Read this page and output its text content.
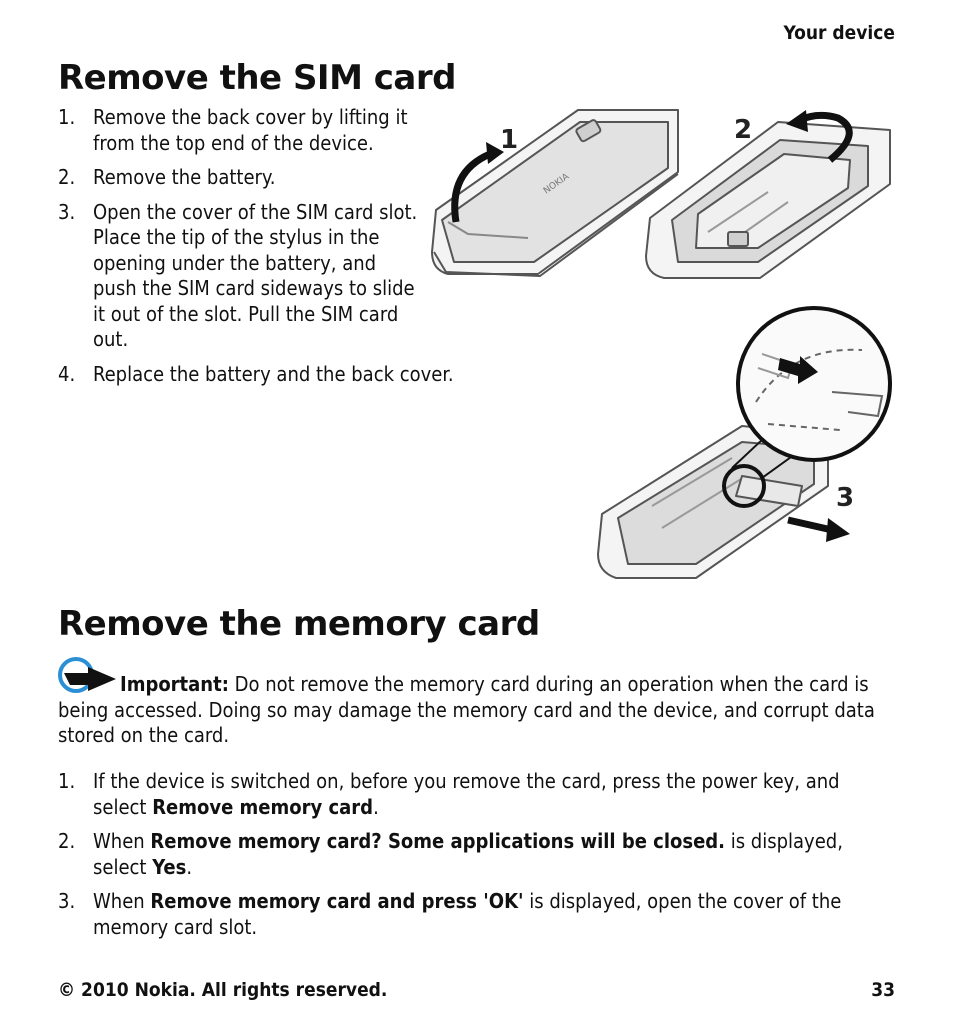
Your device
Remove the SIM card
1. Remove the back cover by lifting it from the top end of the device.
2. Remove the battery.
3. Open the cover of the SIM card slot. Place the tip of the stylus in the opening under the battery, and push the SIM card sideways to slide it out of the slot. Pull the SIM card out.
4. Replace the battery and the back cover.
NOKIA
1	2
3
Remove the memory card
Important: Do not remove the memory card during an operation when the card is being accessed. Doing so may damage the memory card and the device, and corrupt data stored on the card.
1. If the device is switched on, before you remove the card, press the power key, and select Remove memory card.
2. When Remove memory card? Some applications will be closed. is displayed, select Yes.
3. When Remove memory card and press 'OK' is displayed, open the cover of the memory card slot.
© 2010 Nokia. All rights reserved.	33
